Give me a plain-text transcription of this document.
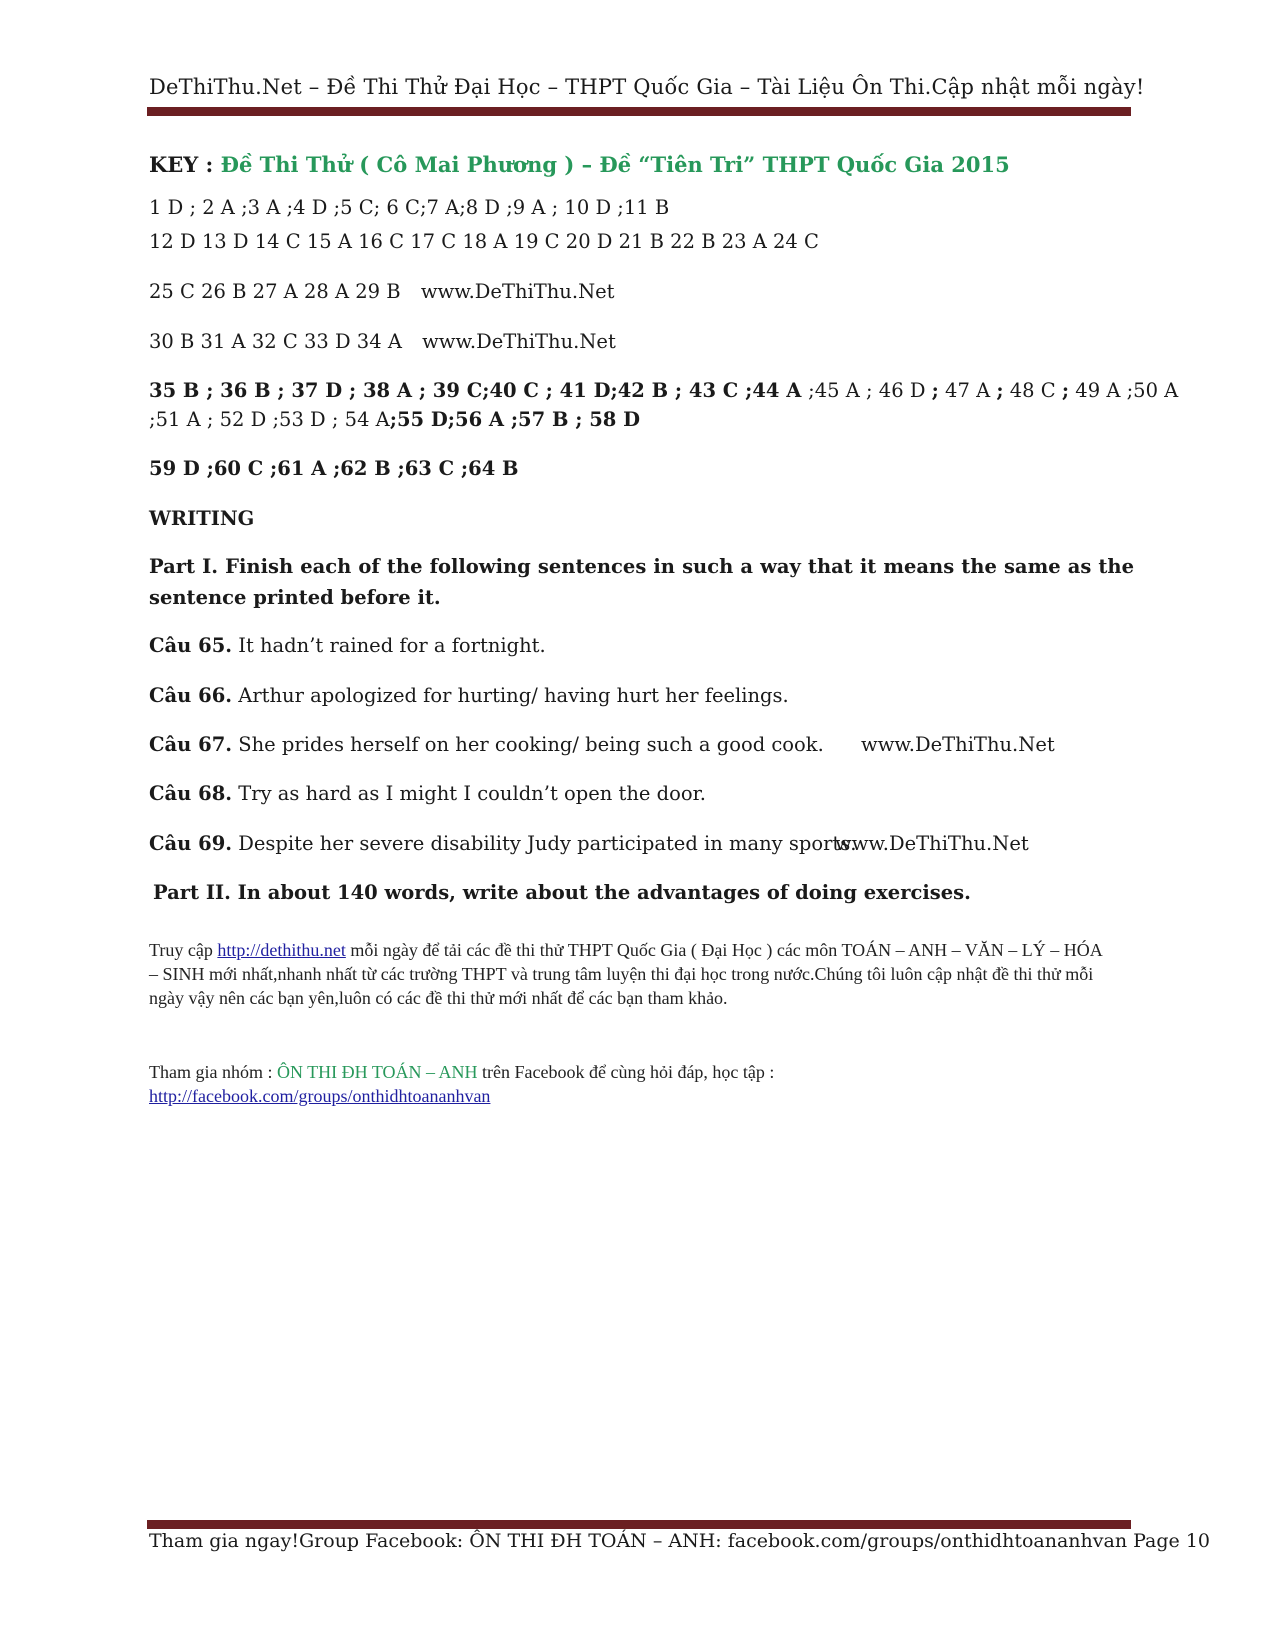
DeThiThu.Net – Đề Thi Thử Đại Học – THPT Quốc Gia – Tài Liệu Ôn Thi.Cập nhật mỗi ngày!
KEY : Đề Thi Thử ( Cô Mai Phương ) – Đề “Tiên Tri” THPT Quốc Gia 2015
1 D ; 2 A ;3 A ;4 D ;5 C; 6 C;7 A;8 D ;9 A ; 10 D ;11 B
12 D 13 D 14 C 15 A 16 C 17 C 18 A 19 C 20 D 21 B 22 B 23 A 24 C
25 C 26 B 27 A 28 A 29 B www.DeThiThu.Net
30 B 31 A 32 C 33 D 34 A www.DeThiThu.Net
35 B ; 36 B ; 37 D ; 38 A ; 39 C;40 C ; 41 D;42 B ; 43 C ;44 A ;45 A ; 46 D ; 47 A ; 48 C ; 49 A ;50 A
;51 A ; 52 D ;53 D ; 54 A;55 D;56 A ;57 B ; 58 D
59 D ;60 C ;61 A ;62 B ;63 C ;64 B
WRITING
Part I. Finish each of the following sentences in such a way that it means the same as the sentence printed before it.
Câu 65. It hadn’t rained for a fortnight.
Câu 66. Arthur apologized for hurting/ having hurt her feelings.
Câu 67. She prides herself on her cooking/ being such a good cook. www.DeThiThu.Net
Câu 68. Try as hard as I might I couldn’t open the door.
Câu 69. Despite her severe disability Judy participated in many sports.
www.DeThiThu.Net
Part II. In about 140 words, write about the advantages of doing exercises.
Truy cập http://dethithu.net mỗi ngày để tải các đề thi thử THPT Quốc Gia ( Đại Học ) các môn TOÁN – ANH – VĂN – LÝ – HÓA – SINH mới nhất,nhanh nhất từ các trường THPT và trung tâm luyện thi đại học trong nước.Chúng tôi luôn cập nhật đề thi thử mỗi ngày vậy nên các bạn yên,luôn có các đề thi thử mới nhất để các bạn tham khảo.
Tham gia nhóm : ÔN THI ĐH TOÁN – ANH trên Facebook để cùng hỏi đáp, học tập :
http://facebook.com/groups/onthidhtoananhvan
Tham gia ngay!Group Facebook: ÔN THI ĐH TOÁN – ANH: facebook.com/groups/onthidhtoananhvan Page 10
